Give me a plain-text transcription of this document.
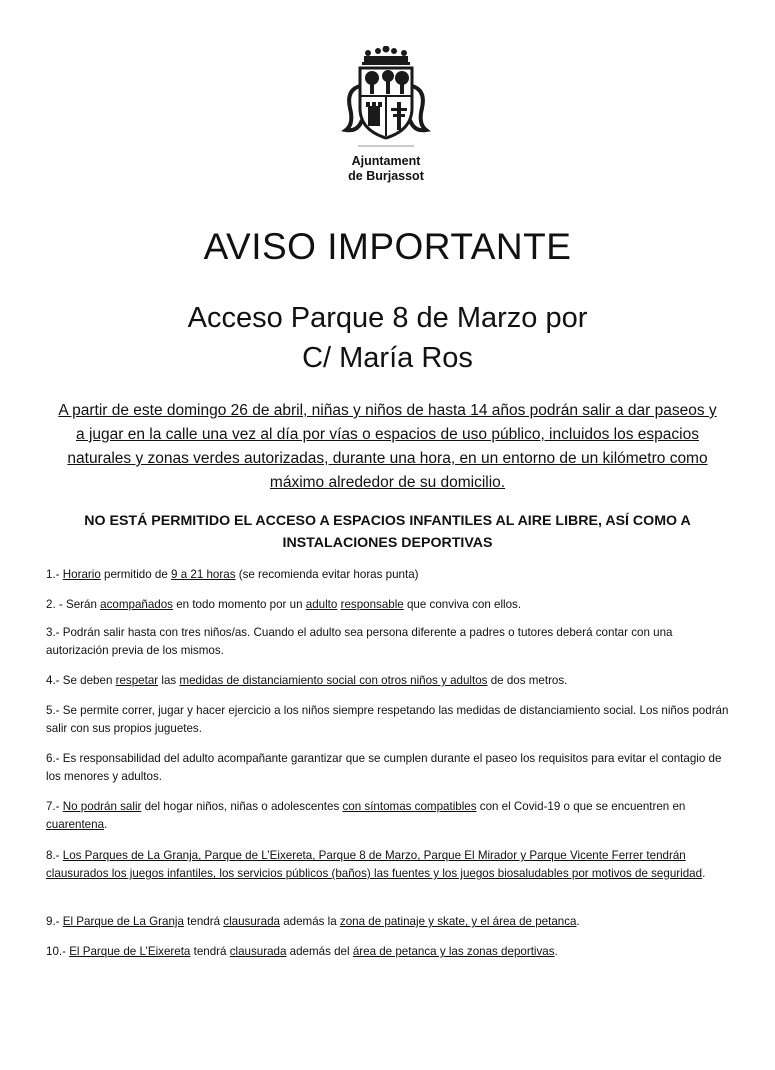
Ajuntament
de Burjassot
AVISO IMPORTANTE
Acceso Parque 8 de Marzo por
C/ María Ros
A partir de este domingo 26 de abril, niñas y niños de hasta 14 años podrán salir a dar paseos y a jugar en la calle una vez al día por vías o espacios de uso público, incluidos los espacios naturales y zonas verdes autorizadas, durante una hora, en un entorno de un kilómetro como máximo alrededor de su domicilio.
NO ESTÁ PERMITIDO EL ACCESO A ESPACIOS INFANTILES AL AIRE LIBRE, ASÍ COMO A INSTALACIONES DEPORTIVAS

1.- Horario permitido de 9 a 21 horas (se recomienda evitar horas punta)

2. - Serán acompañados en todo momento por un adulto responsable que conviva con ellos.

3.- Podrán salir hasta con tres niños/as. Cuando el adulto sea persona diferente a padres o tutores deberá contar con una autorización previa de los mismos.

4.- Se deben respetar las medidas de distanciamiento social con otros niños y adultos de dos metros.

5.- Se permite correr, jugar y hacer ejercicio a los niños siempre respetando las medidas de distanciamiento social. Los niños podrán salir con sus propios juguetes.

6.- Es responsabilidad del adulto acompañante garantizar que se cumplen durante el paseo los requisitos para evitar el contagio de los menores y adultos.

7.- No podrán salir del hogar niños, niñas o adolescentes con síntomas compatibles con el Covid-19 o que se encuentren en cuarentena.

8.- Los Parques de La Granja, Parque de L’Eixereta, Parque 8 de Marzo, Parque El Mirador y Parque Vicente Ferrer tendrán clausurados los juegos infantiles, los servicios públicos (baños) las fuentes y los juegos biosaludables por motivos de seguridad.

9.- El Parque de La Granja tendrá clausurada además la zona de patinaje y skate, y el área de petanca.

10.- El Parque de L’Eixereta tendrá clausurada además del área de petanca y las zonas deportivas.
